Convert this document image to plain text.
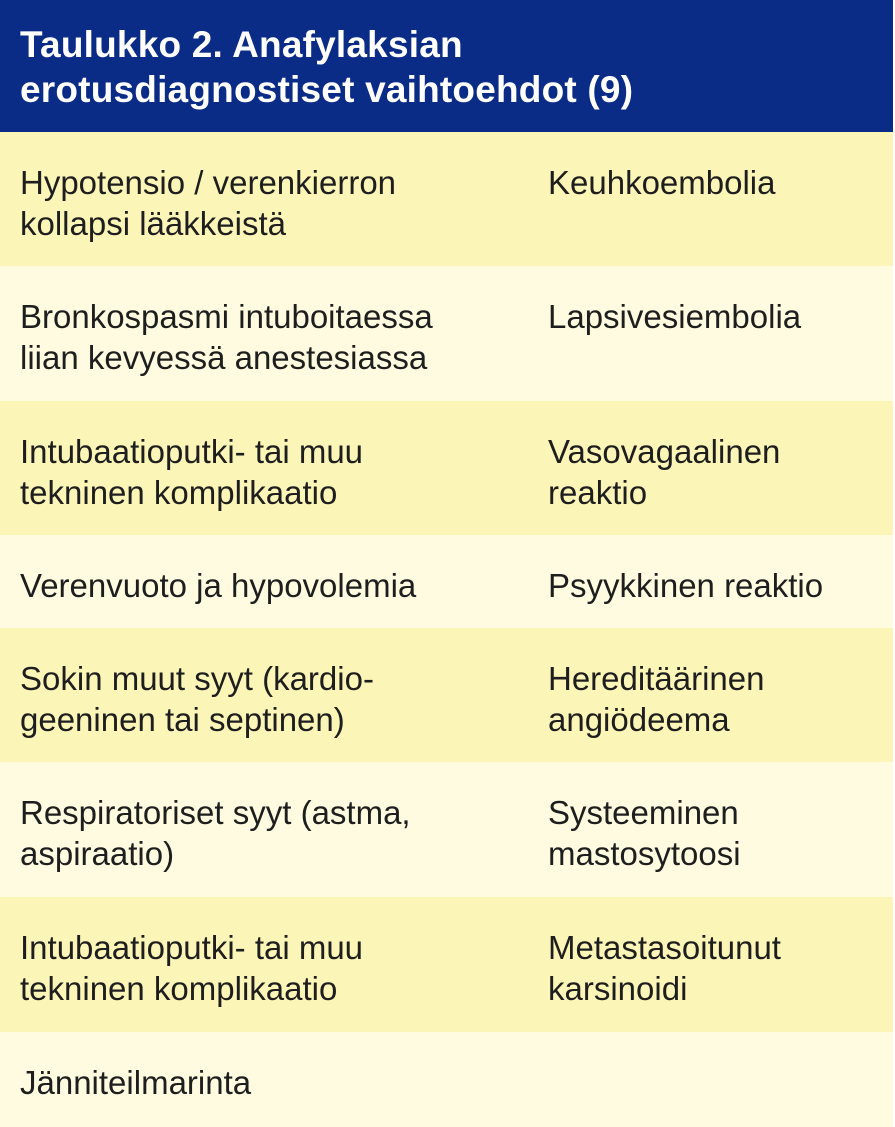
Taulukko 2. Anafylaksian
erotusdiagnostiset vaihtoehdot (9)
Hypotensio / verenkierron
kollapsi lääkkeistä
Keuhkoembolia
Bronkospasmi intuboitaessa
liian kevyessä anestesiassa
Lapsivesiembolia
Intubaatioputki- tai muu
tekninen komplikaatio
Vasovagaalinen
reaktio
Verenvuoto ja hypovolemia	Psyykkinen reaktio
Sokin muut syyt (kardio-
geeninen tai septinen)
Hereditäärinen
angiödeema
Respiratoriset syyt (astma,
aspiraatio)
Systeeminen
mastosytoosi
Intubaatioputki- tai muu
tekninen komplikaatio
Metastasoitunut
karsinoidi
Jänniteilmarinta
